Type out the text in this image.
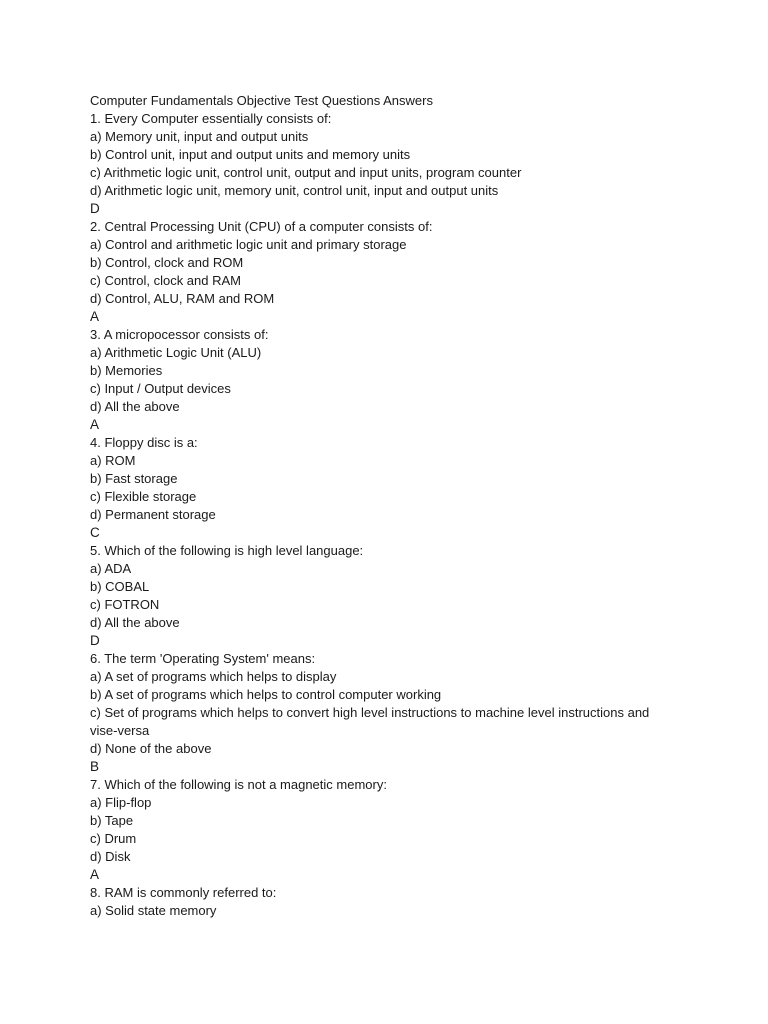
Computer Fundamentals Objective Test Questions Answers
1. Every Computer essentially consists of:
a) Memory unit, input and output units
b) Control unit, input and output units and memory units
c) Arithmetic logic unit, control unit, output and input units, program counter
d) Arithmetic logic unit, memory unit, control unit, input and output units
D
2. Central Processing Unit (CPU) of a computer consists of:
a) Control and arithmetic logic unit and primary storage
b) Control, clock and ROM
c) Control, clock and RAM
d) Control, ALU, RAM and ROM
A
3. A micropocessor consists of:
a) Arithmetic Logic Unit (ALU)
b) Memories
c) Input / Output devices
d) All the above
A
4. Floppy disc is a:
a) ROM
b) Fast storage
c) Flexible storage
d) Permanent storage
C
5. Which of the following is high level language:
a) ADA
b) COBAL
c) FOTRON
d) All the above
D
6. The term 'Operating System' means:
a) A set of programs which helps to display
b) A set of programs which helps to control computer working
c) Set of programs which helps to convert high level instructions to machine level instructions and
vise-versa
d) None of the above
B
7. Which of the following is not a magnetic memory:
a) Flip-flop
b) Tape
c) Drum
d) Disk
A
8. RAM is commonly referred to:
a) Solid state memory
